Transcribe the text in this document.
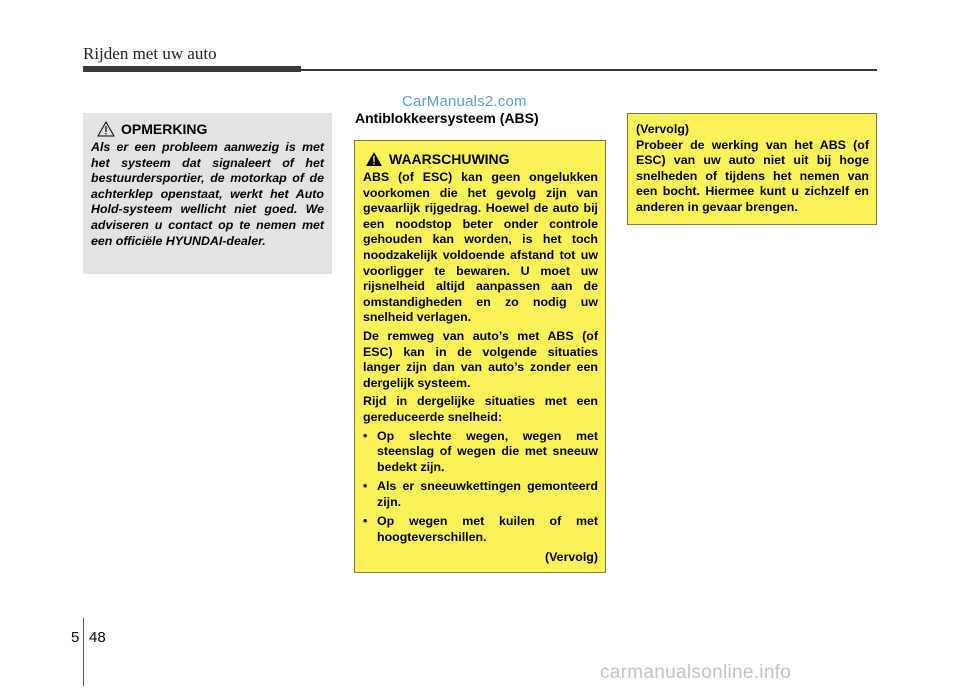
Rijden met uw auto
CarManuals2.com
OPMERKING
Als er een probleem aanwezig is met het systeem dat signaleert of het bestuurdersportier, de motorkap of de achterklep openstaat, werkt het Auto Hold-systeem wellicht niet goed. We adviseren u contact op te nemen met een officiële HYUNDAI-dealer.
Antiblokkeersysteem (ABS)
WAARSCHUWING

ABS (of ESC) kan geen ongelukken voorkomen die het gevolg zijn van gevaarlijk rijgedrag. Hoewel de auto bij een noodstop beter onder controle gehouden kan worden, is het toch noodzakelijk voldoende afstand tot uw voorligger te bewaren. U moet uw rijsnelheid altijd aanpassen aan de omstandigheden en zo nodig uw snelheid verlagen.

De remweg van auto’s met ABS (of ESC) kan in de volgende situaties langer zijn dan van auto’s zonder een dergelijk systeem.

Rijd in dergelijke situaties met een gereduceerde snelheid:

• Op slechte wegen, wegen met steenslag of wegen die met sneeuw bedekt zijn.
• Als er sneeuwkettingen gemonteerd zijn.
• Op wegen met kuilen of met hoogteverschillen.
(Vervolg)

(Vervolg)

Probeer de werking van het ABS (of ESC) van uw auto niet uit bij hoge snelheden of tijdens het nemen van een bocht. Hiermee kunt u zichzelf en anderen in gevaar brengen.

5 48
carmanualsonline.info
